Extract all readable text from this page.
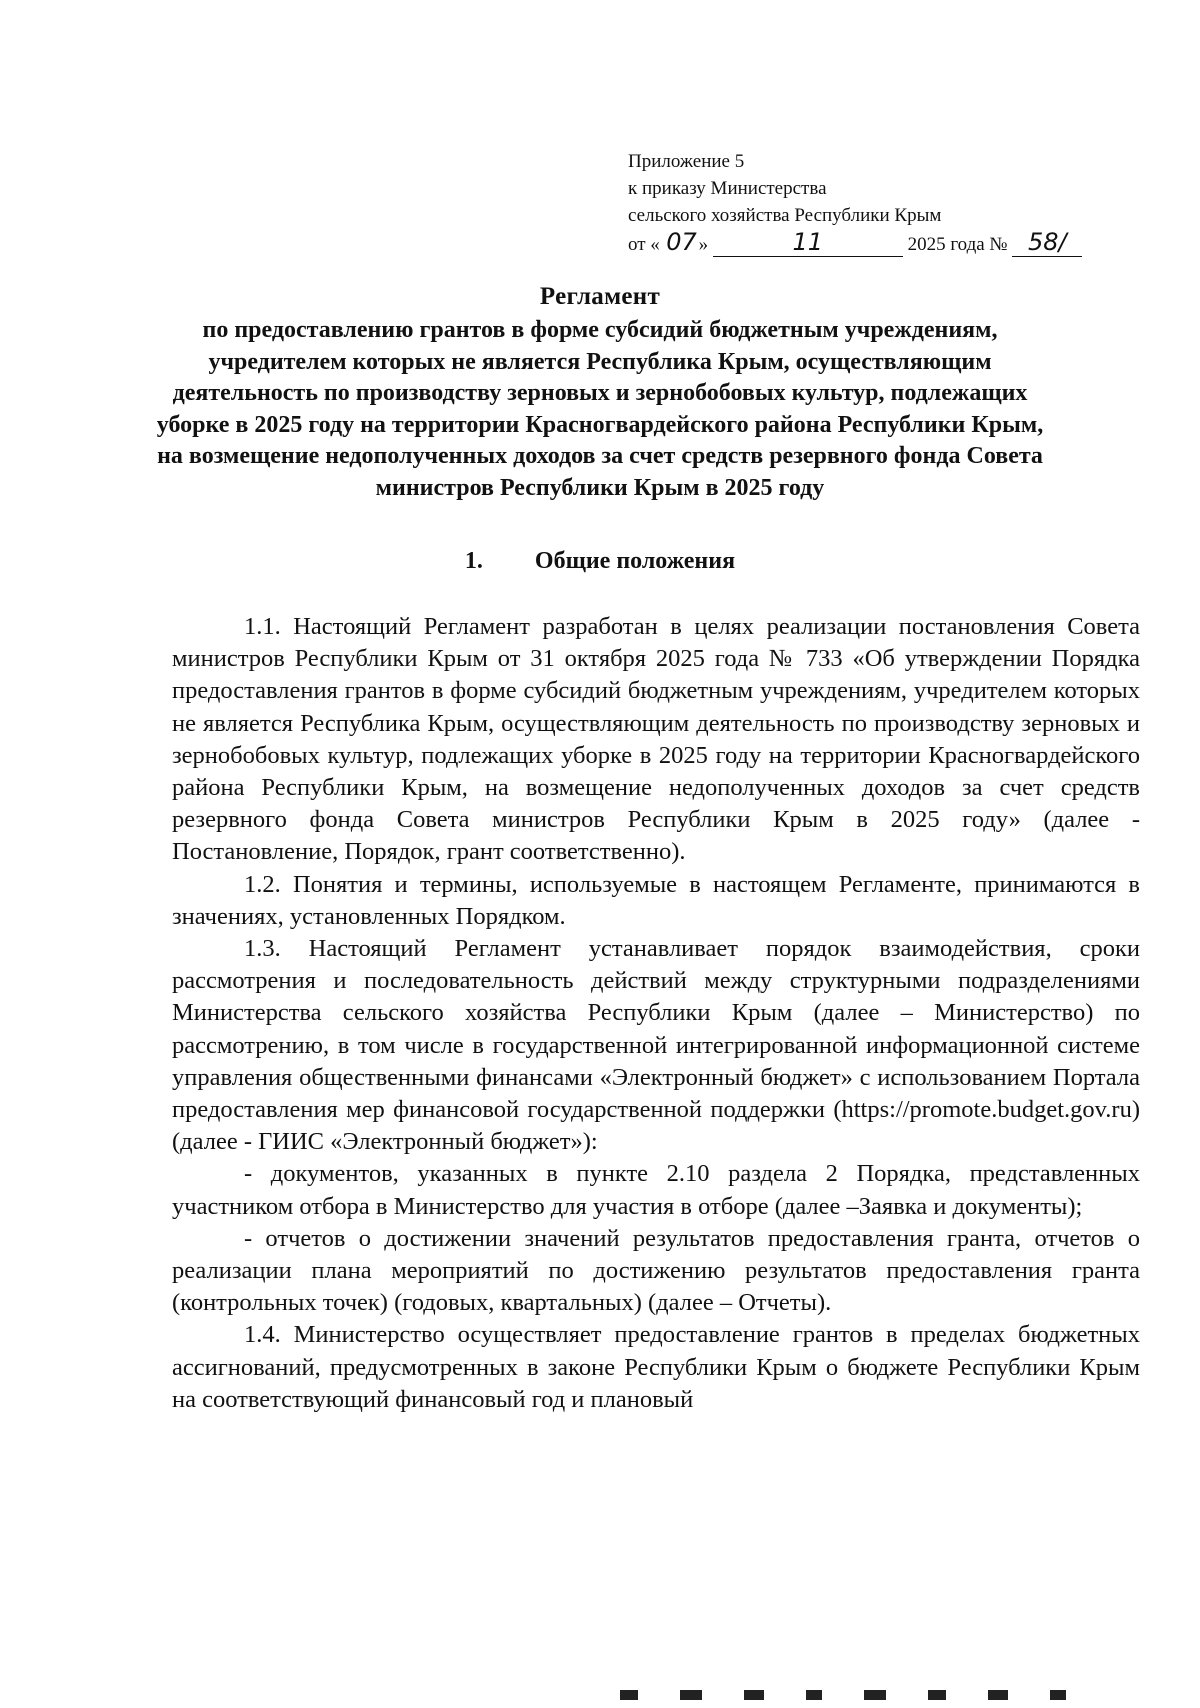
Приложение 5
к приказу Министерства
сельского хозяйства Республики Крым
от « 07»	11	2025 года № 58/
Регламент
по предоставлению грантов в форме субсидий бюджетным учреждениям, учредителем которых не является Республика Крым, осуществляющим деятельность по производству зерновых и зернобобовых культур, подлежащих уборке в 2025 году на территории Красногвардейского района Республики Крым, на возмещение недополученных доходов за счет средств резервного фонда Совета министров Республики Крым в 2025 году
1. Общие положения

1.1. Настоящий Регламент разработан в целях реализации постановления Совета министров Республики Крым от 31 октября 2025 года № 733 «Об утверждении Порядка предоставления грантов в форме субсидий бюджетным учреждениям, учредителем которых не является Республика Крым, осуществляющим деятельность по производству зерновых и зернобобовых культур, подлежащих уборке в 2025 году на территории Красногвардейского района Республики Крым, на возмещение недополученных доходов за счет средств резервного фонда Совета министров Республики Крым в 2025 году» (далее - Постановление, Порядок, грант соответственно).

1.2. Понятия и термины, используемые в настоящем Регламенте, принимаются в значениях, установленных Порядком.

1.3. Настоящий Регламент устанавливает порядок взаимодействия, сроки рассмотрения и последовательность действий между структурными подразделениями Министерства сельского хозяйства Республики Крым (далее – Министерство) по рассмотрению, в том числе в государственной интегрированной информационной системе управления общественными финансами «Электронный бюджет» с использованием Портала предоставления мер финансовой государственной поддержки (https://promote.budget.gov.ru) (далее - ГИИС «Электронный бюджет»):

- документов, указанных в пункте 2.10 раздела 2 Порядка, представленных участником отбора в Министерство для участия в отборе (далее –Заявка и документы);

- отчетов о достижении значений результатов предоставления гранта, отчетов о реализации плана мероприятий по достижению результатов предоставления гранта (контрольных точек) (годовых, квартальных) (далее – Отчеты).

1.4. Министерство осуществляет предоставление грантов в пределах бюджетных ассигнований, предусмотренных в законе Республики Крым о бюджете Республики Крым на соответствующий финансовый год и плановый
